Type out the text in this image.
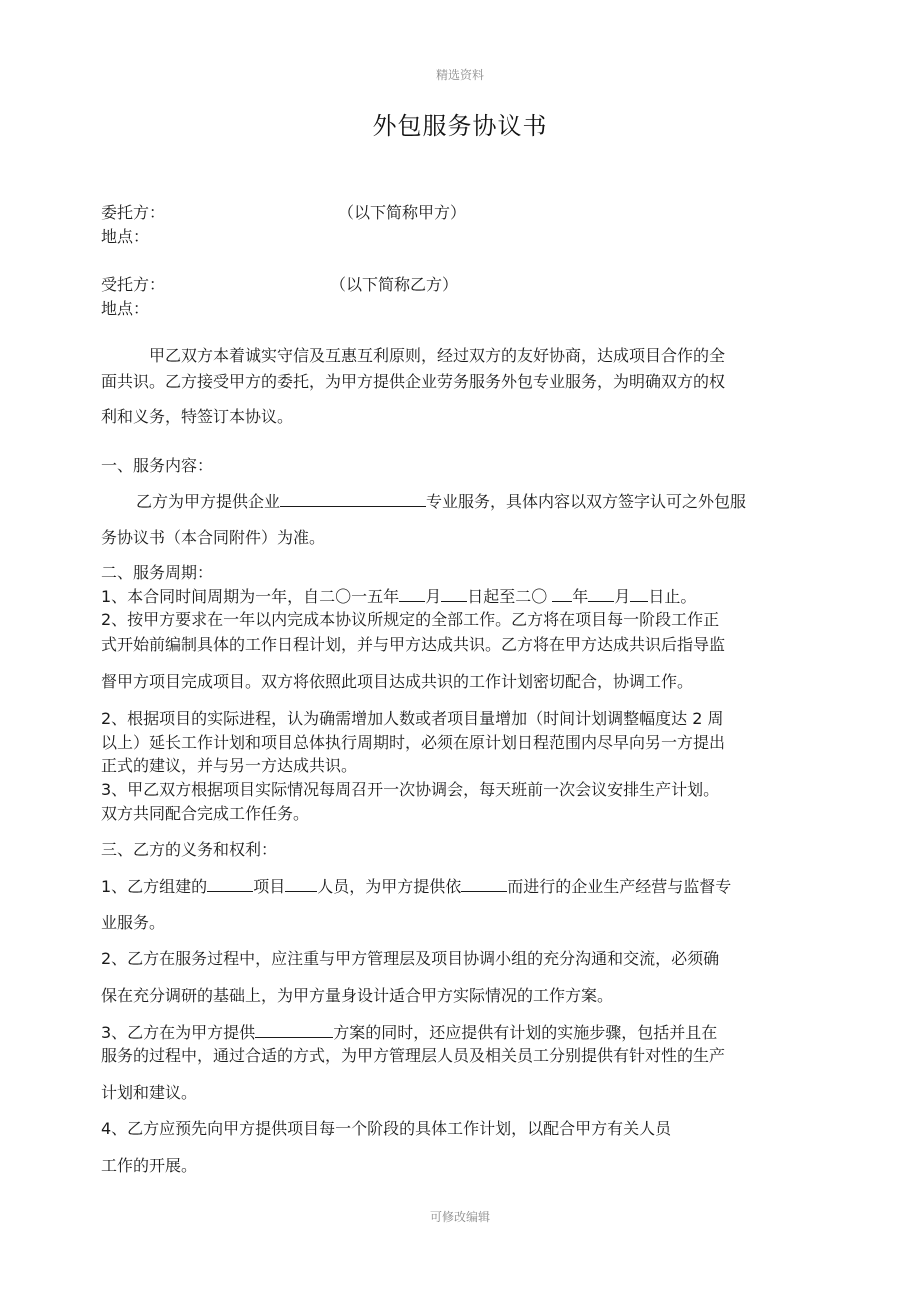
精选资料
外包服务协议书
委托方：	（以下简称甲方）
地点：
受托方：	（以下简称乙方）
地点：
甲乙双方本着诚实守信及互惠互利原则，经过双方的友好协商，达成项目合作的全
面共识。乙方接受甲方的委托，为甲方提供企业劳务服务外包专业服务，为明确双方的权
利和义务，特签订本协议。
一、服务内容：
乙方为甲方提供企业	专业服务，具体内容以双方签字认可之外包服
务协议书（本合同附件）为准。
二、服务周期：
1、本合同时间周期为一年，自二〇一五年 月 日起至二〇 年 月 日止。
2、按甲方要求在一年以内完成本协议所规定的全部工作。乙方将在项目每一阶段工作正
式开始前编制具体的工作日程计划，并与甲方达成共识。乙方将在甲方达成共识后指导监
督甲方项目完成项目。双方将依照此项目达成共识的工作计划密切配合，协调工作。
2、根据项目的实际进程，认为确需增加人数或者项目量增加（时间计划调整幅度达 2 周
以上）延长工作计划和项目总体执行周期时，必须在原计划日程范围内尽早向另一方提出
正式的建议，并与另一方达成共识。
3、甲乙双方根据项目实际情况每周召开一次协调会，每天班前一次会议安排生产计划。
双方共同配合完成工作任务。
三、乙方的义务和权利：
1、乙方组建的	项目 人员，为甲方提供依	而进行的企业生产经营与监督专
业服务。
2、乙方在服务过程中，应注重与甲方管理层及项目协调小组的充分沟通和交流，必须确
保在充分调研的基础上，为甲方量身设计适合甲方实际情况的工作方案。
3、乙方在为甲方提供	方案的同时，还应提供有计划的实施步骤，包括并且在
服务的过程中，通过合适的方式，为甲方管理层人员及相关员工分别提供有针对性的生产
计划和建议。
4、乙方应预先向甲方提供项目每一个阶段的具体工作计划，以配合甲方有关人员
工作的开展。
可修改编辑
